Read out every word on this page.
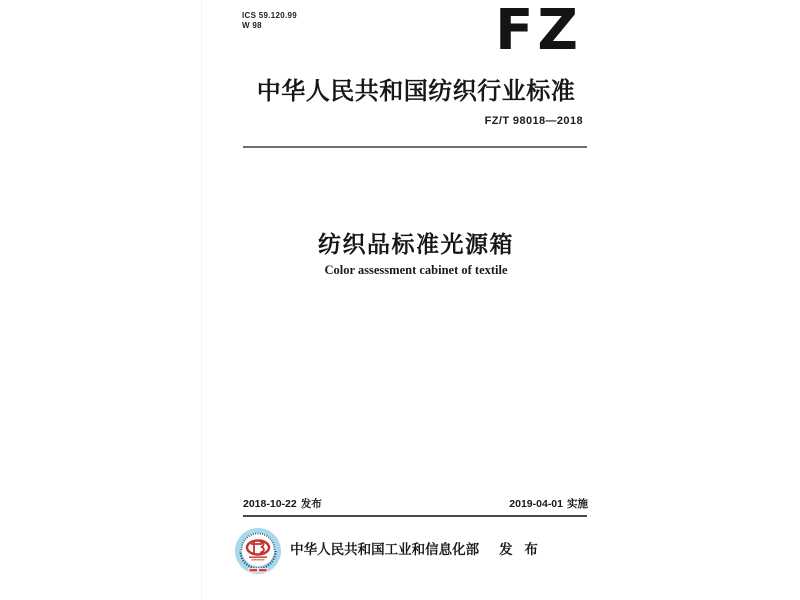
ICS 59.120.99
W 98	FZ
中华人民共和国纺织行业标准
FZ/T 98018—2018
纺织品标准光源箱
Color assessment cabinet of textile
2018-10-22 发布	2019-04-01 实施
中华人民共和国工业和信息化部 发 布
